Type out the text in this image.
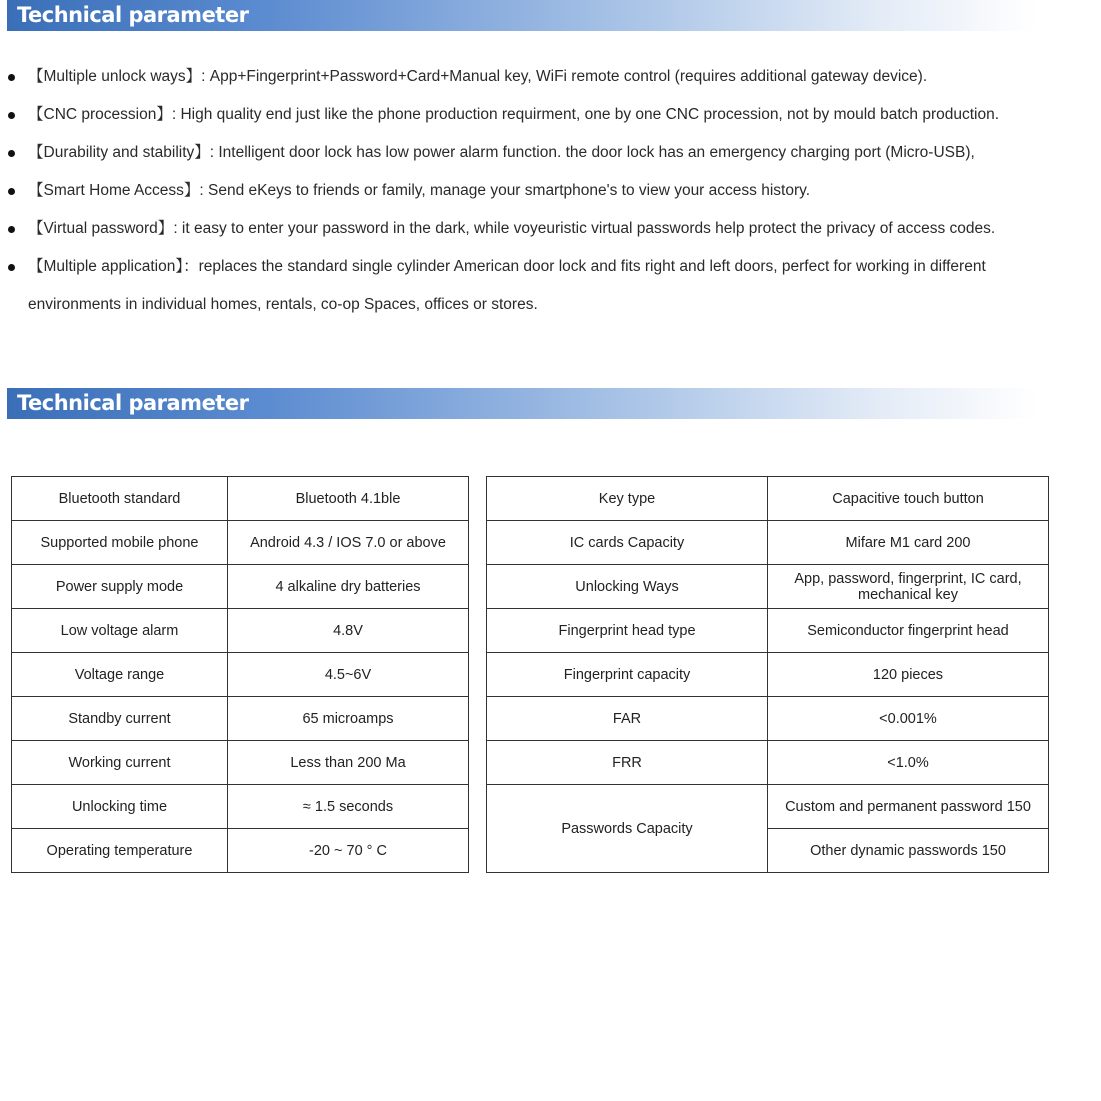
Technical parameter
【Multiple unlock ways】: App+Fingerprint+Password+Card+Manual key, WiFi remote control (requires additional gateway device).
【CNC procession】: High quality end just like the phone production requirment, one by one CNC procession, not by mould batch production.
【Durability and stability】: Intelligent door lock has low power alarm function. the door lock has an emergency charging port (Micro-USB),
【Smart Home Access】: Send eKeys to friends or family, manage your smartphone's to view your access history.
【Virtual password】: it easy to enter your password in the dark, while voyeuristic virtual passwords help protect the privacy of access codes.
【Multiple application】：replaces the standard single cylinder American door lock and fits right and left doors, perfect for working in different environments in individual homes, rentals, co-op Spaces, offices or stores.
Technical parameter
Bluetooth standard	Bluetooth 4.1ble
Supported mobile phone	Android 4.3 / IOS 7.0 or above
Power supply mode	4 alkaline dry batteries
Low voltage alarm	4.8V
Voltage range	4.5~6V
Standby current	65 microamps
Working current	Less than 200 Ma
Unlocking time	≈ 1.5 seconds
Operating temperature	-20 ~ 70 ° C
Key type	Capacitive touch button
IC cards Capacity	Mifare M1 card 200
Unlocking Ways	App, password, fingerprint, IC card, mechanical key
Fingerprint head type	Semiconductor fingerprint head
Fingerprint capacity	120 pieces
FAR	<0.001%
FRR	<1.0%
Passwords Capacity	Custom and permanent password 150
	Other dynamic passwords 150
